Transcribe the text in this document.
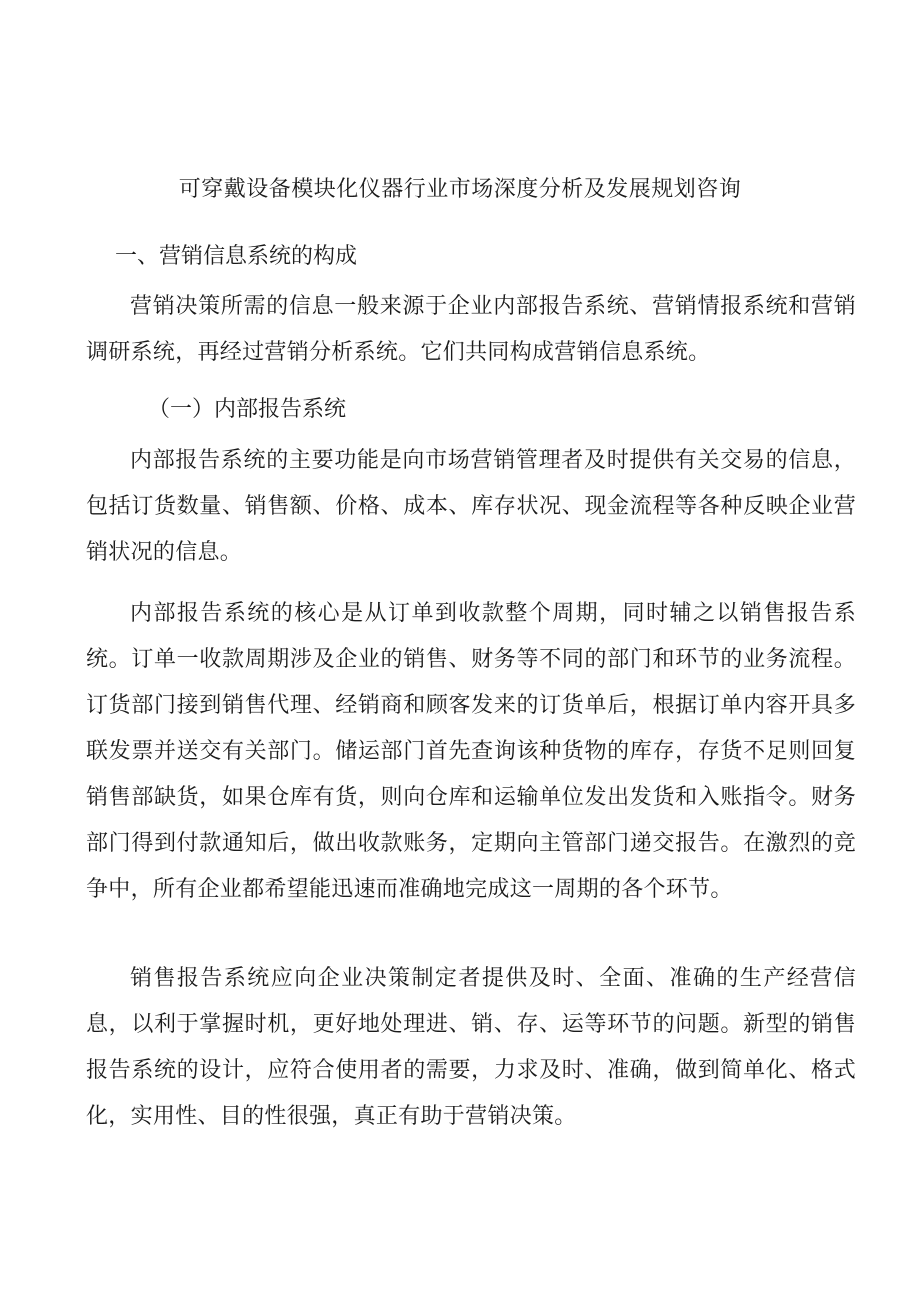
可穿戴设备模块化仪器行业市场深度分析及发展规划咨询
一、营销信息系统的构成

营销决策所需的信息一般来源于企业内部报告系统、营销情报系统和营销调研系统，再经过营销分析系统。它们共同构成营销信息系统。

（一）内部报告系统

内部报告系统的主要功能是向市场营销管理者及时提供有关交易的信息，包括订货数量、销售额、价格、成本、库存状况、现金流程等各种反映企业营销状况的信息。

内部报告系统的核心是从订单到收款整个周期，同时辅之以销售报告系统。订单一收款周期涉及企业的销售、财务等不同的部门和环节的业务流程。订货部门接到销售代理、经销商和顾客发来的订货单后，根据订单内容开具多联发票并送交有关部门。储运部门首先查询该种货物的库存，存货不足则回复销售部缺货，如果仓库有货，则向仓库和运输单位发出发货和入账指令。财务部门得到付款通知后，做出收款账务，定期向主管部门递交报告。在激烈的竞争中，所有企业都希望能迅速而准确地完成这一周期的各个环节。

销售报告系统应向企业决策制定者提供及时、全面、准确的生产经营信息，以利于掌握时机，更好地处理进、销、存、运等环节的问题。新型的销售报告系统的设计，应符合使用者的需要，力求及时、准确，做到简单化、格式化，实用性、目的性很强，真正有助于营销决策。
